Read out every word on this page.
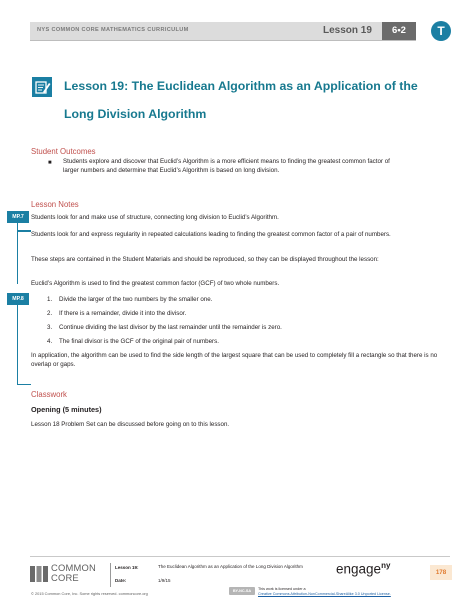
NYS COMMON CORE MATHEMATICS CURRICULUM	Lesson 19	6•2	T
Lesson 19: The Euclidean Algorithm as an Application of the
Long Division Algorithm
Student Outcomes
■ Students explore and discover that Euclid’s Algorithm is a more efficient means to finding the greatest common factor of larger numbers and determine that Euclid’s Algorithm is based on long division.
Lesson Notes
MP.7	Students look for and make use of structure, connecting long division to Euclid’s Algorithm.
MP.8
Students look for and express regularity in repeated calculations leading to finding the greatest common factor of a pair of numbers.
These steps are contained in the Student Materials and should be reproduced, so they can be displayed throughout the lesson:
Euclid’s Algorithm is used to find the greatest common factor (GCF) of two whole numbers.
1. Divide the larger of the two numbers by the smaller one.
2. If there is a remainder, divide it into the divisor.
3. Continue dividing the last divisor by the last remainder until the remainder is zero.
4. The final divisor is the GCF of the original pair of numbers.
In application, the algorithm can be used to find the side length of the largest square that can be used to completely fill a rectangle so that there is no overlap or gaps.
Classwork
Opening (5 minutes)
Lesson 18 Problem Set can be discussed before going on to this lesson.
COMMON
CORE
Lesson 19:
Date:
The Euclidean Algorithm as an Application of the Long Division Algorithm
1/9/15
engage$^{ny}$
178
BY-NC-SA	This work is licensed under a
Creative Commons Attribution-NonCommercial-ShareAlike 3.0 Unported License.
© 2015 Common Core, Inc. Some rights reserved. commoncore.org
